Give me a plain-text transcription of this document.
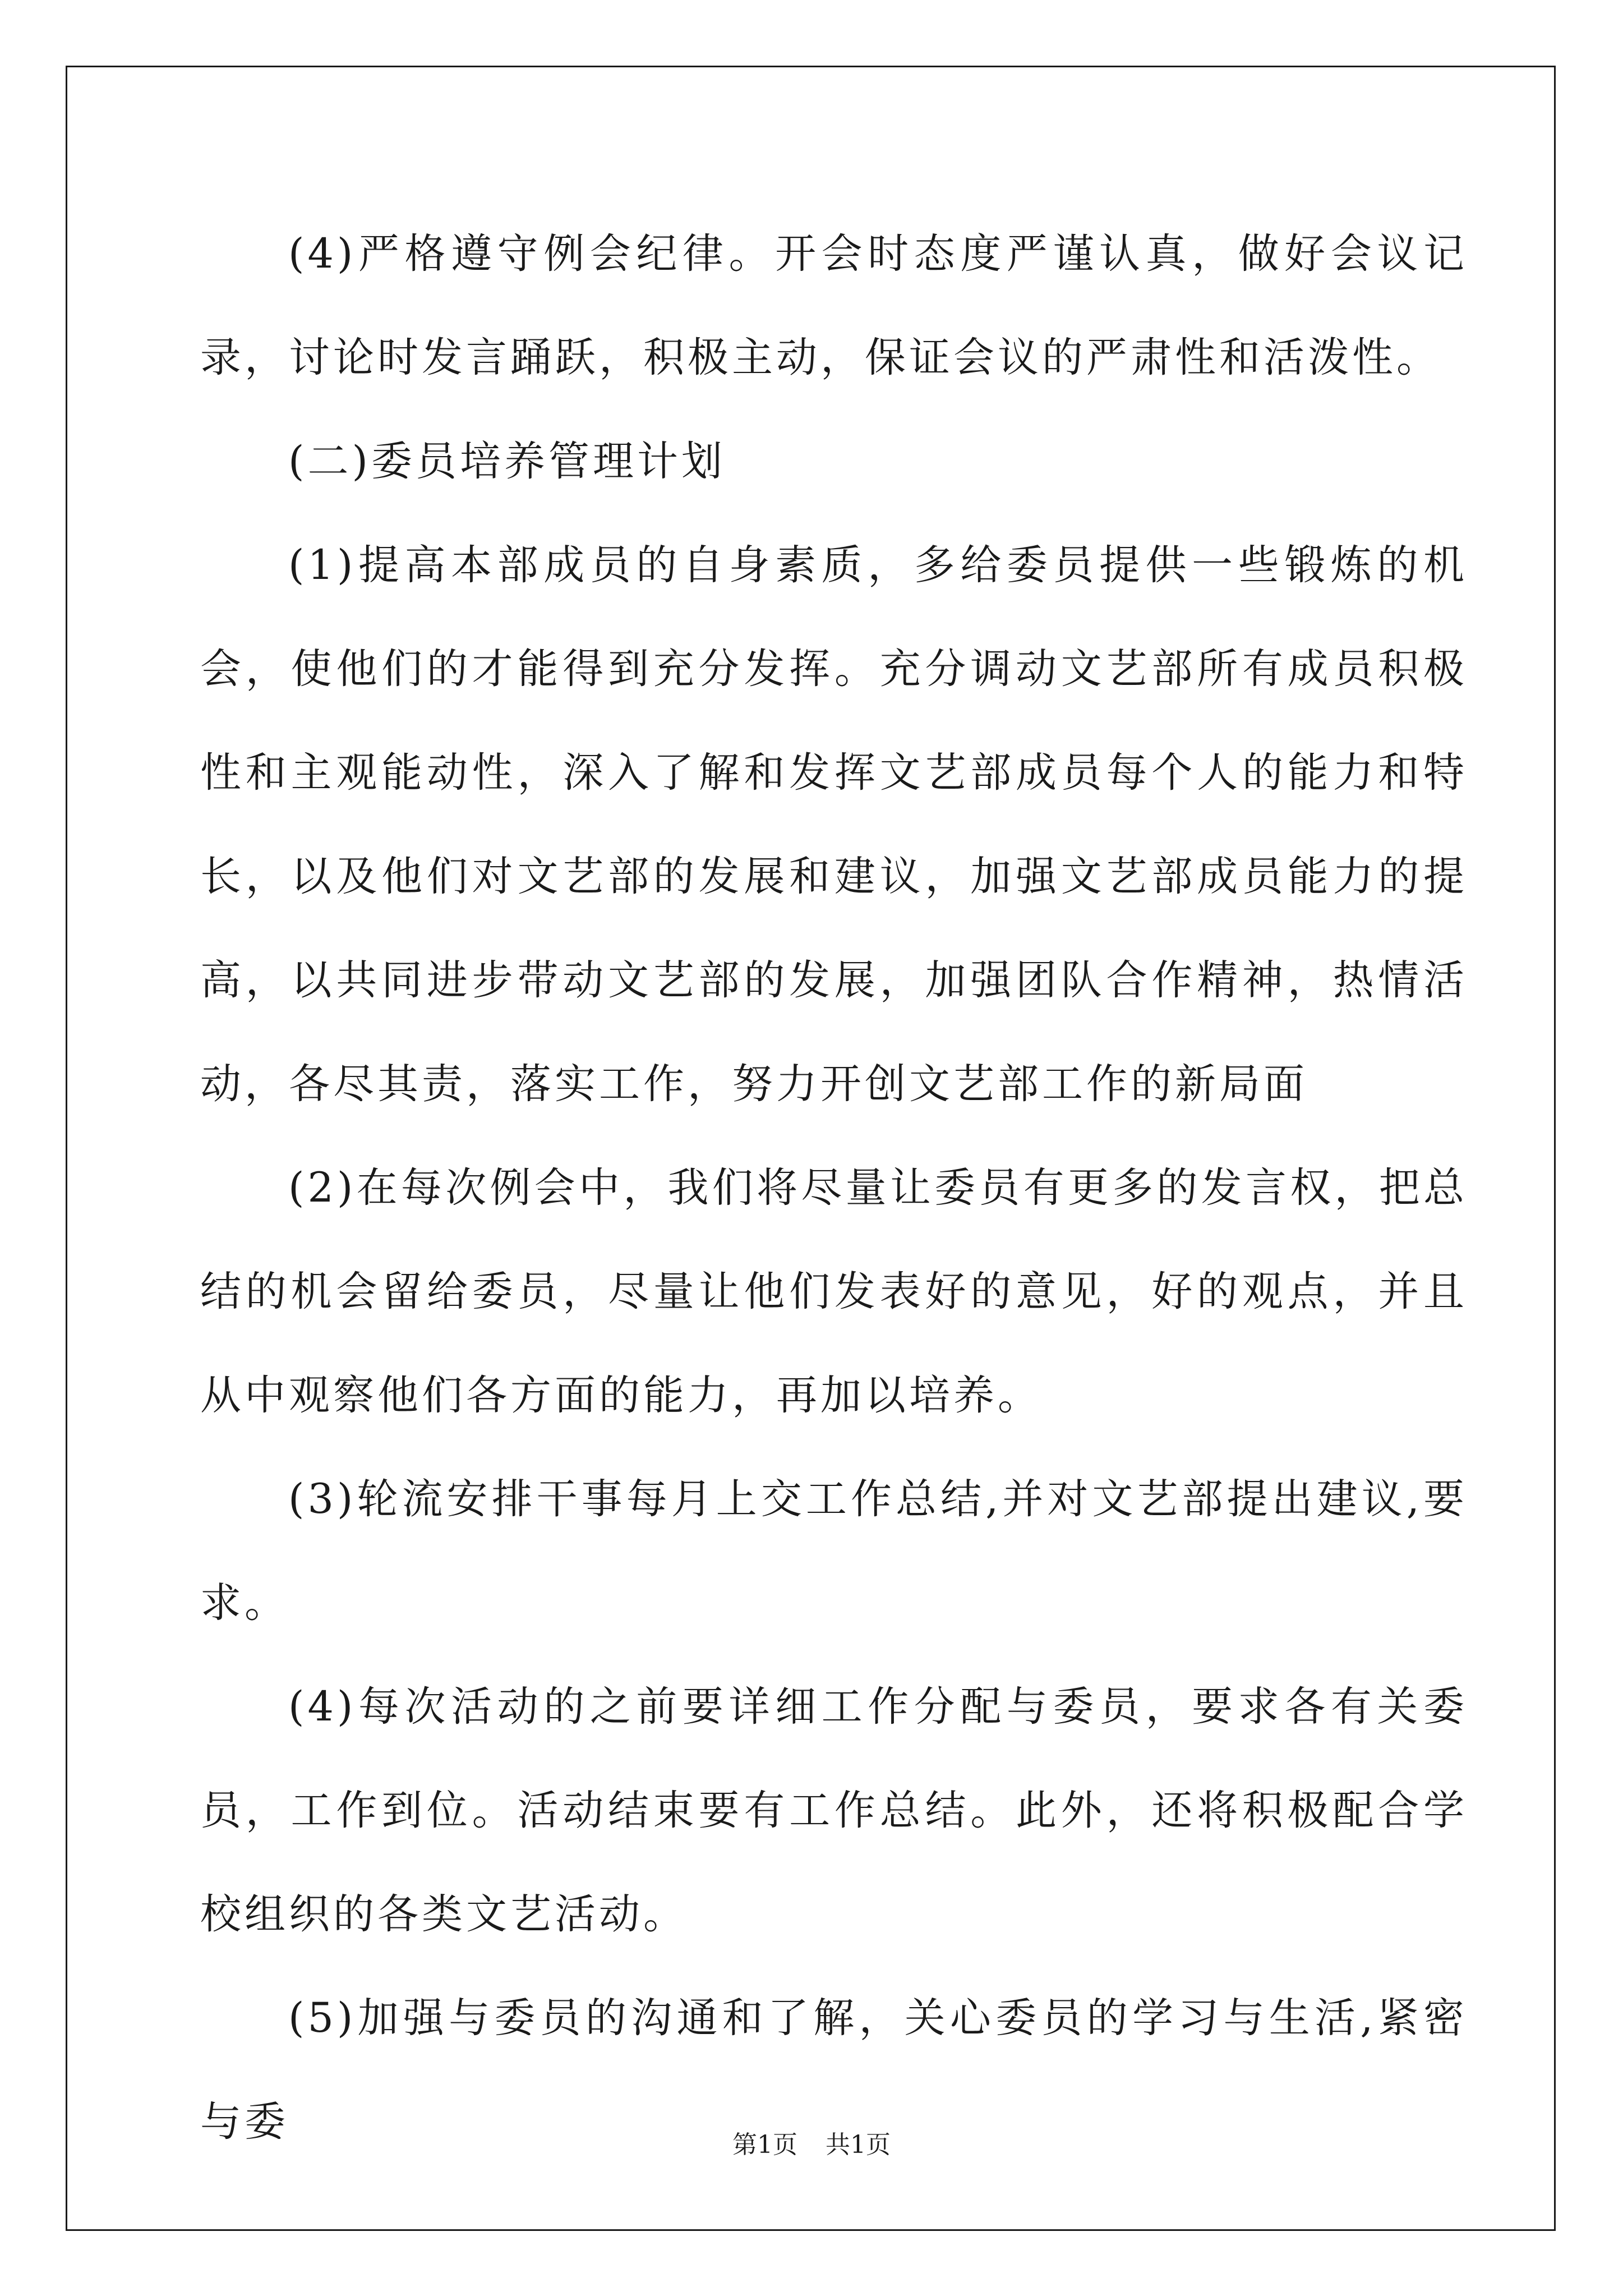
(4)严格遵守例会纪律。开会时态度严谨认真，做好会议记录，讨论时发言踊跃，积极主动，保证会议的严肃性和活泼性。

(二)委员培养管理计划

(1)提高本部成员的自身素质，多给委员提供一些锻炼的机会，使他们的才能得到充分发挥。充分调动文艺部所有成员积极性和主观能动性，深入了解和发挥文艺部成员每个人的能力和特长，以及他们对文艺部的发展和建议，加强文艺部成员能力的提高，以共同进步带动文艺部的发展，加强团队合作精神，热情活动，各尽其责，落实工作，努力开创文艺部工作的新局面

(2)在每次例会中，我们将尽量让委员有更多的发言权，把总结的机会留给委员，尽量让他们发表好的意见，好的观点，并且从中观察他们各方面的能力，再加以培养。

(3)轮流安排干事每月上交工作总结,并对文艺部提出建议,要求。

(4)每次活动的之前要详细工作分配与委员，要求各有关委员，工作到位。活动结束要有工作总结。此外，还将积极配合学校组织的各类文艺活动。

(5)加强与委员的沟通和了解，关心委员的学习与生活,紧密与委	第1页 共1页
